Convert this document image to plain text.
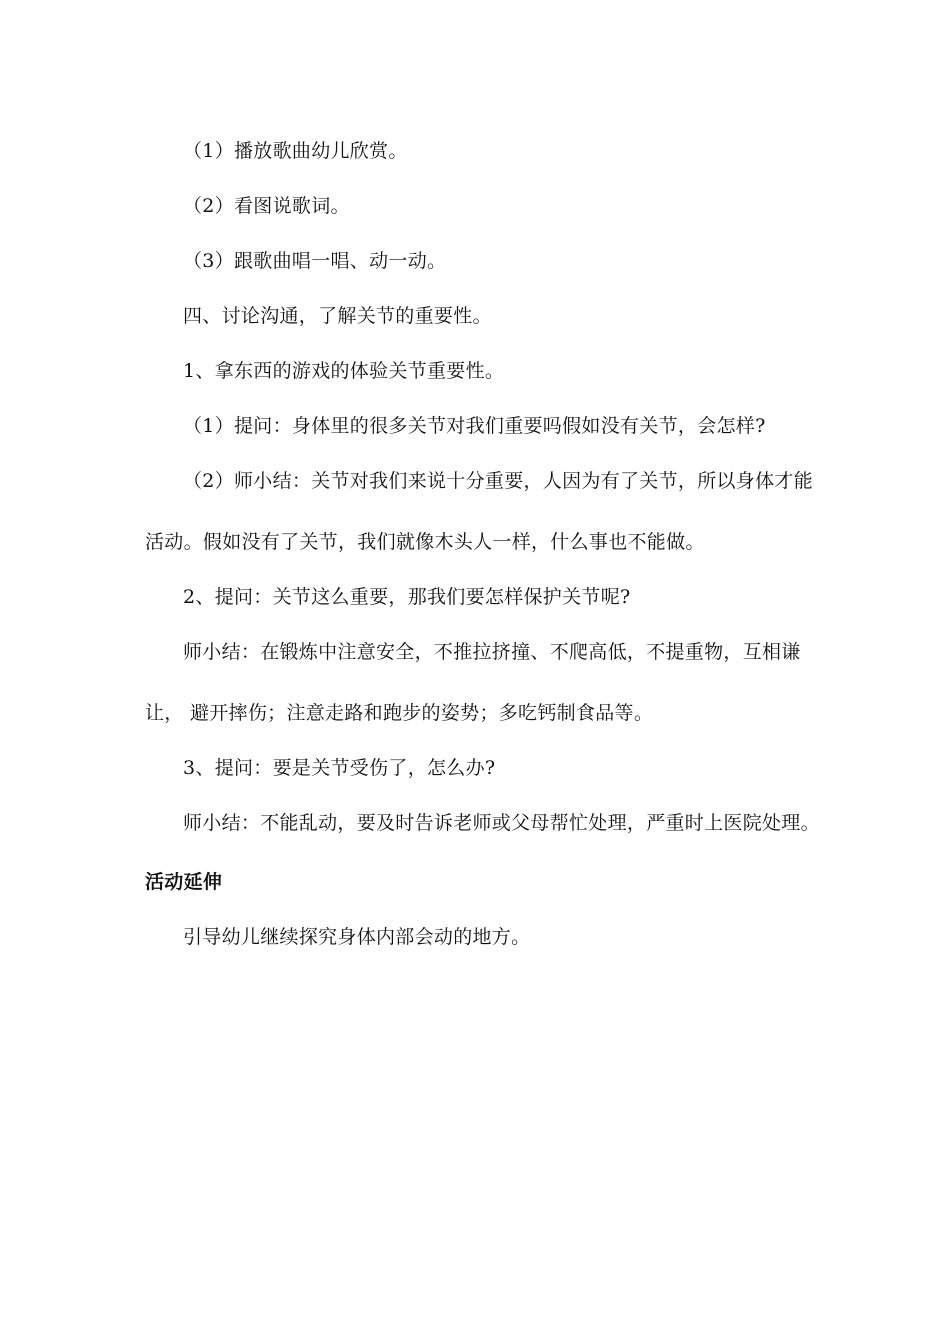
（1）播放歌曲幼儿欣赏。
（2）看图说歌词。
（3）跟歌曲唱一唱、动一动。
四、讨论沟通，了解关节的重要性。
1、拿东西的游戏的体验关节重要性。
（1）提问：身体里的很多关节对我们重要吗假如没有关节，会怎样?
（2）师小结：关节对我们来说十分重要，人因为有了关节，所以身体才能
活动。假如没有了关节，我们就像木头人一样，什么事也不能做。
2、提问：关节这么重要，那我们要怎样保护关节呢?
师小结：在锻炼中注意安全，不推拉挤撞、不爬高低，不提重物，互相谦
让， 避开摔伤；注意走路和跑步的姿势；多吃钙制食品等。
3、提问：要是关节受伤了，怎么办?
师小结：不能乱动，要及时告诉老师或父母帮忙处理，严重时上医院处理。
活动延伸
引导幼儿继续探究身体内部会动的地方。
